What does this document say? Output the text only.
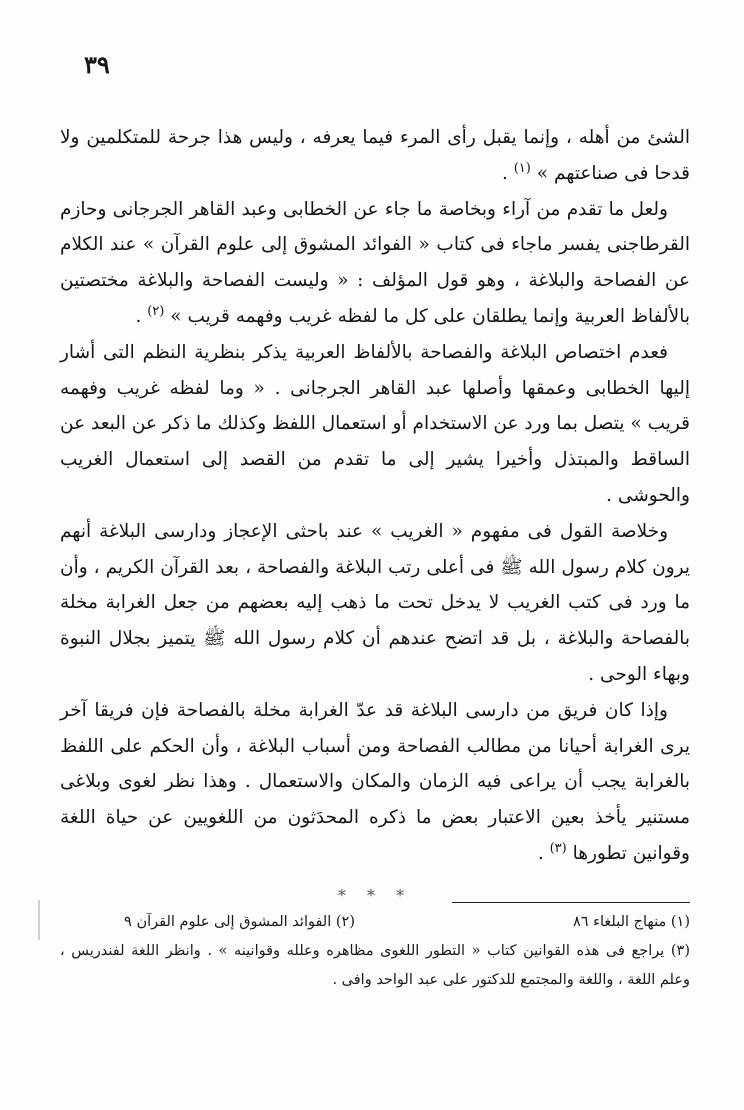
٣٩

الشئ من أهله ، وإنما يقبل رأى المرء فيما يعرفه ، وليس هذا جرحة للمتكلمين ولا قدحا فى صناعتهم » $^{(١)}$ .

ولعل ما تقدم من آراء وبخاصة ما جاء عن الخطابى وعبد القاهر الجرجانى وحازم القرطاجنى يفسر ماجاء فى كتاب « الفوائد المشوق إلى علوم القرآن » عند الكلام عن الفصاحة والبلاغة ، وهو قول المؤلف : « وليست الفصاحة والبلاغة مختصتين بالألفاظ العربية وإنما يطلقان على كل ما لفظه غريب وفهمه قريب » $^{(٢)}$ .

فعدم اختصاص البلاغة والفصاحة بالألفاظ العربية يذكر بنظرية النظم التى أشار إليها الخطابى وعمقها وأصلها عبد القاهر الجرجانى . « وما لفظه غريب وفهمه قريب » يتصل بما ورد عن الاستخدام أو استعمال اللفظ وكذلك ما ذكر عن البعد عن الساقط والمبتذل وأخيرا يشير إلى ما تقدم من القصد إلى استعمال الغريب والحوشى .

وخلاصة القول فى مفهوم « الغريب » عند باحثى الإعجاز ودارسى البلاغة أنهم يرون كلام رسول الله ﷺ فى أعلى رتب البلاغة والفصاحة ، بعد القرآن الكريم ، وأن ما ورد فى كتب الغريب لا يدخل تحت ما ذهب إليه بعضهم من جعل الغرابة مخلة بالفصاحة والبلاغة ، بل قد اتضح عندهم أن كلام رسول الله ﷺ يتميز بجلال النبوة وبهاء الوحى .

وإذا كان فريق من دارسى البلاغة قد عدّ الغرابة مخلة بالفصاحة فإن فريقا آخر يرى الغرابة أحيانا من مطالب الفصاحة ومن أسباب البلاغة ، وأن الحكم على اللفظ بالغرابة يجب أن يراعى فيه الزمان والمكان والاستعمال . وهذا نظر لغوى وبلاغى مستنير يأخذ بعين الاعتبار بعض ما ذكره المحدَثون من اللغويين عن حياة اللغة وقوانين تطورها $^{(٣)}$ .

* * *
(١) منهاج البلغاء ٨٦
(٢) الفوائد المشوق إلى علوم القرآن ٩
(٣) يراجع فى هذه القوانين كتاب « التطور اللغوى مظاهره وعلله وقوانينه » . وانظر اللغة لفندريس ، وعلم اللغة ، واللغة والمجتمع للدكتور على عبد الواحد وافى .
